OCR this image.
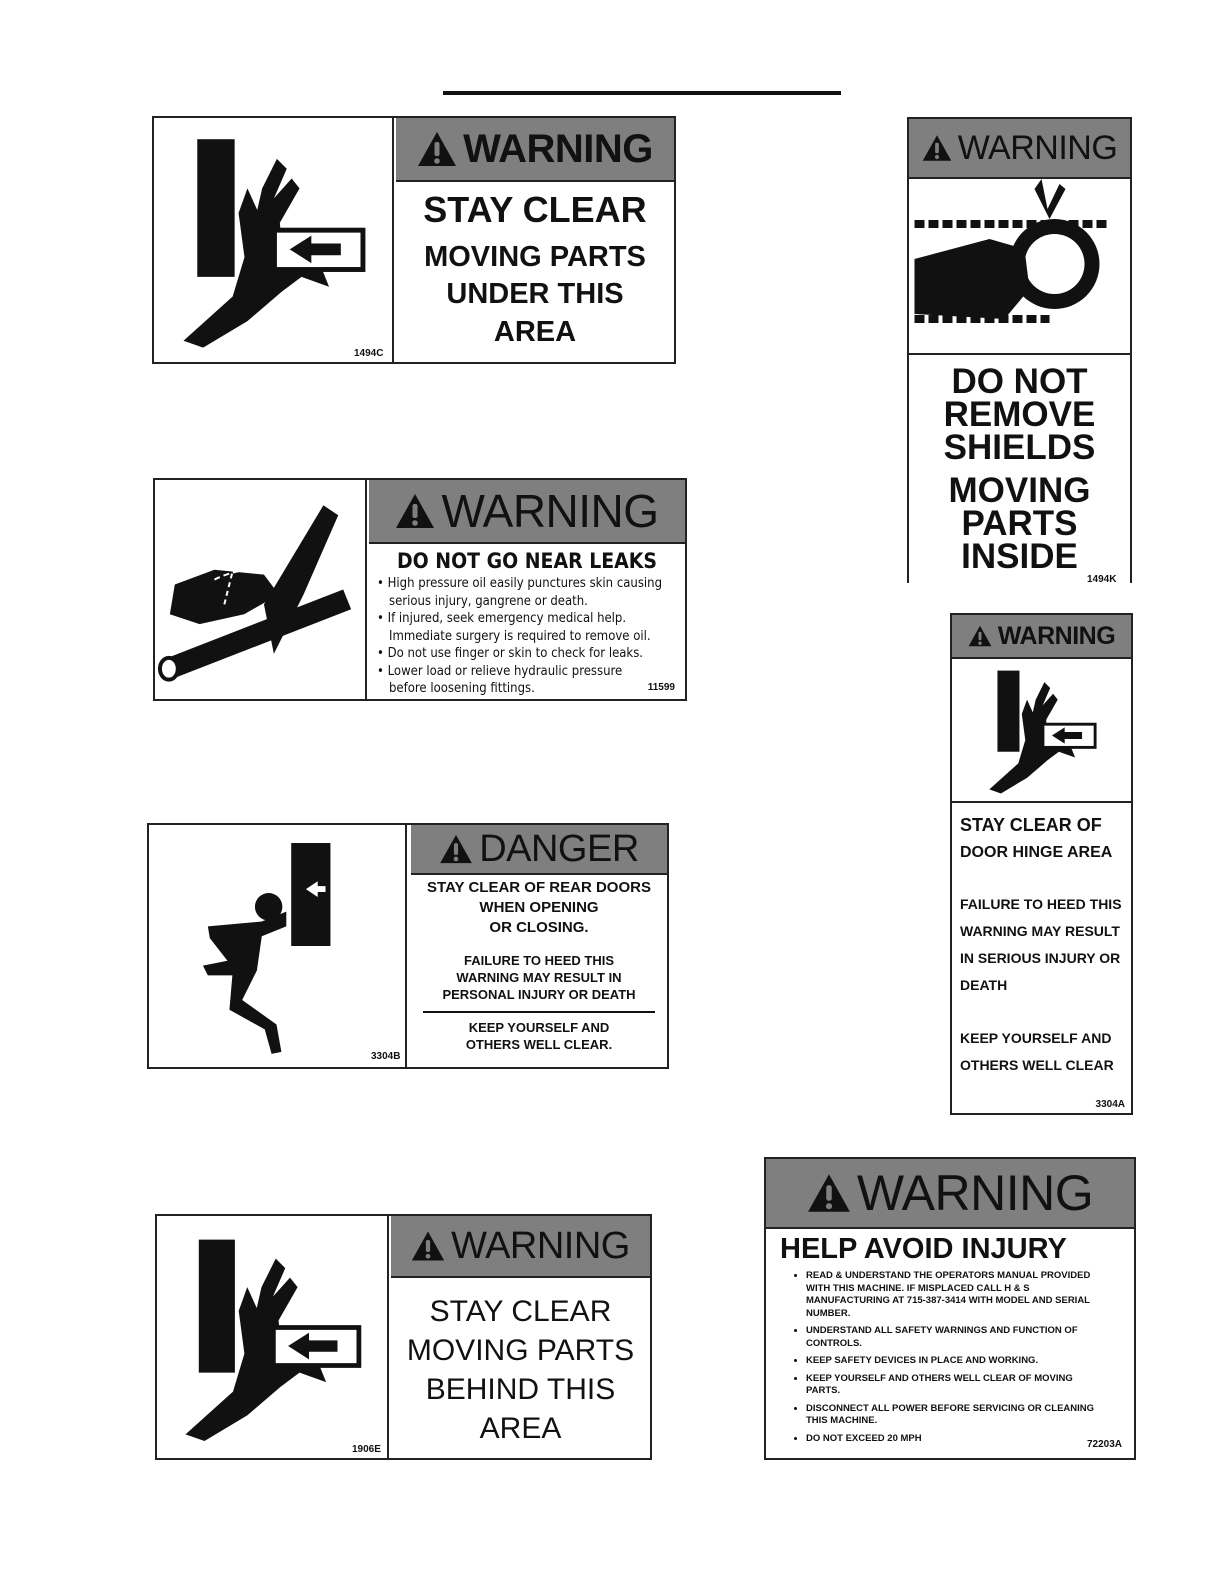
1494C
WARNING
STAY CLEAR
MOVING PARTS
UNDER THIS
AREA
WARNING
DO NOT GO NEAR LEAKS
• High pressure oil easily punctures skin causing
serious injury, gangrene or death.
• If injured, seek emergency medical help.
Immediate surgery is required to remove oil.
• Do not use finger or skin to check for leaks.
• Lower load or relieve hydraulic pressure
before loosening fittings.	11599
3304B
DANGER
STAY CLEAR OF REAR DOORS
WHEN OPENING
OR CLOSING.
FAILURE TO HEED THIS
WARNING MAY RESULT IN
PERSONAL INJURY OR DEATH
KEEP YOURSELF AND
OTHERS WELL CLEAR.
1906E
WARNING
STAY CLEAR
MOVING PARTS
BEHIND THIS
AREA
WARNING
DO NOT
REMOVE
SHIELDS
MOVING
PARTS
INSIDE
1494K
WARNING
STAY CLEAR OF
DOOR HINGE AREA
FAILURE TO HEED THIS
WARNING MAY RESULT
IN SERIOUS INJURY OR
DEATH
KEEP YOURSELF AND
OTHERS WELL CLEAR
3304A
WARNING
HELP AVOID INJURY
• READ & UNDERSTAND THE OPERATORS MANUAL PROVIDED WITH THIS MACHINE. IF MISPLACED CALL H & S MANUFACTURING AT 715-387-3414 WITH MODEL AND SERIAL NUMBER.
• UNDERSTAND ALL SAFETY WARNINGS AND FUNCTION OF CONTROLS.
• KEEP SAFETY DEVICES IN PLACE AND WORKING.
• KEEP YOURSELF AND OTHERS WELL CLEAR OF MOVING PARTS.
• DISCONNECT ALL POWER BEFORE SERVICING OR CLEANING THIS MACHINE.
• DO NOT EXCEED 20 MPH
72203A
